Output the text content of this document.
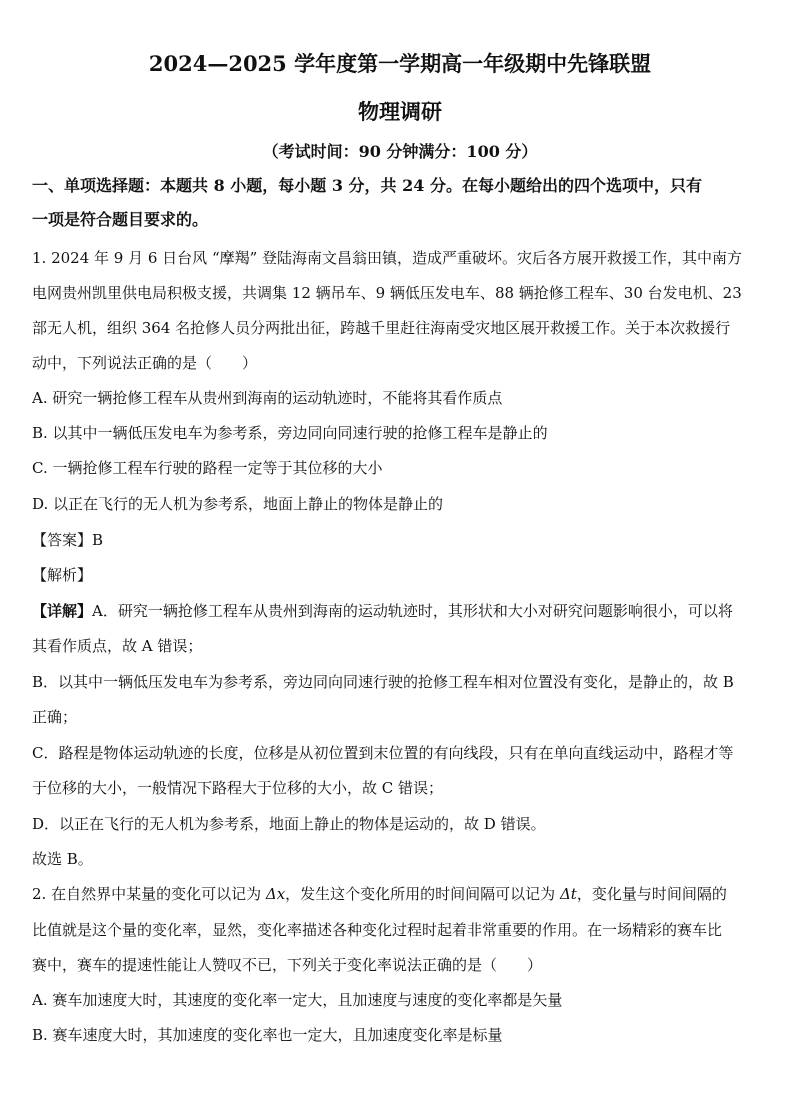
2024—2025 学年度第一学期高一年级期中先锋联盟
物理调研
（考试时间：90 分钟满分：100 分）
一、单项选择题：本题共 8 小题，每小题 3 分，共 24 分。在每小题给出的四个选项中，只有
一项是符合题目要求的。
1. 2024 年 9 月 6 日台风 “摩羯” 登陆海南文昌翁田镇，造成严重破坏。灾后各方展开救援工作，其中南方
电网贵州凯里供电局积极支援，共调集 12 辆吊车、9 辆低压发电车、88 辆抢修工程车、30 台发电机、23
部无人机，组织 364 名抢修人员分两批出征，跨越千里赶往海南受灾地区展开救援工作。关于本次救援行
动中，下列说法正确的是（　　）
A. 研究一辆抢修工程车从贵州到海南的运动轨迹时，不能将其看作质点
B. 以其中一辆低压发电车为参考系，旁边同向同速行驶的抢修工程车是静止的
C. 一辆抢修工程车行驶的路程一定等于其位移的大小
D. 以正在飞行的无人机为参考系，地面上静止的物体是静止的
【答案】B
【解析】
【详解】A．研究一辆抢修工程车从贵州到海南的运动轨迹时，其形状和大小对研究问题影响很小，可以将
其看作质点，故 A 错误；
B．以其中一辆低压发电车为参考系，旁边同向同速行驶的抢修工程车相对位置没有变化，是静止的，故 B
正确；
C．路程是物体运动轨迹的长度，位移是从初位置到末位置的有向线段，只有在单向直线运动中，路程才等
于位移的大小，一般情况下路程大于位移的大小，故 C 错误；
D．以正在飞行的无人机为参考系，地面上静止的物体是运动的，故 D 错误。
故选 B。
2. 在自然界中某量的变化可以记为 Δx，发生这个变化所用的时间间隔可以记为 Δt，变化量与时间间隔的
比值就是这个量的变化率，显然，变化率描述各种变化过程时起着非常重要的作用。在一场精彩的赛车比
赛中，赛车的提速性能让人赞叹不已，下列关于变化率说法正确的是（　　）
A. 赛车加速度大时，其速度的变化率一定大，且加速度与速度的变化率都是矢量
B. 赛车速度大时，其加速度的变化率也一定大，且加速度变化率是标量
